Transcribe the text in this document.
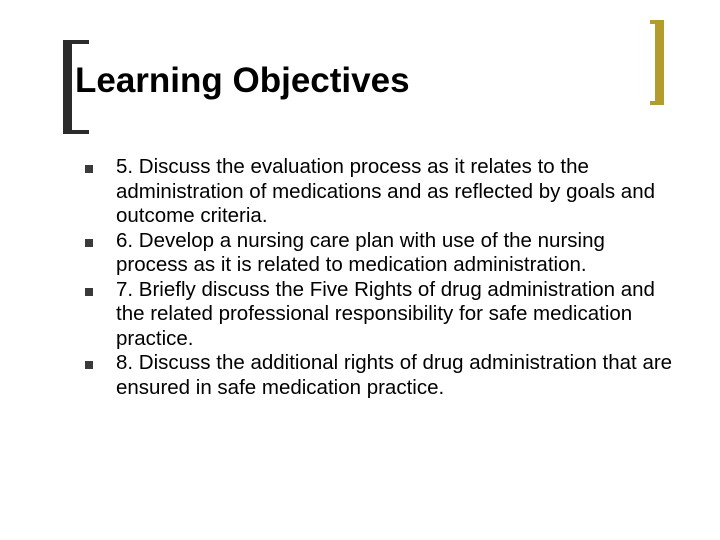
Learning Objectives
5. Discuss the evaluation process as it relates to the administration of medications and as reflected by goals and outcome criteria.
6. Develop a nursing care plan with use of the nursing process as it is related to medication administration.
7. Briefly discuss the Five Rights of drug administration and the related professional responsibility for safe medication practice.
8. Discuss the additional rights of drug administration that are ensured in safe medication practice.
